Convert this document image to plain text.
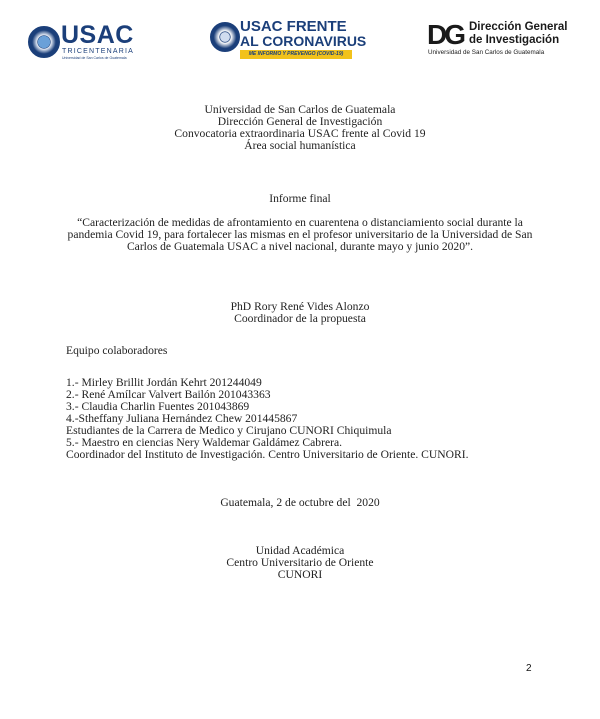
USAC
TRICENTENARIA
Universidad de San Carlos de Guatemala
USAC FRENTE
AL CORONAVIRUS
ME INFORMO Y PREVENGO (COVID-19)
DG Dirección General
de Investigación
Universidad de San Carlos de Guatemala

Universidad de San Carlos de Guatemala

Dirección General de Investigación

Convocatoria extraordinaria USAC frente al Covid 19

Área social humanística

Informe final

“Caracterización de medidas de afrontamiento en cuarentena o distanciamiento social durante la pandemia Covid 19, para fortalecer las mismas en el profesor universitario de la Universidad de San Carlos de Guatemala USAC a nivel nacional, durante mayo y junio 2020”.

PhD Rory René Vides Alonzo

Coordinador de la propuesta

Equipo colaboradores

1.- Mirley Brillit Jordán Kehrt 201244049

2.- René Amílcar Valvert Bailón 201043363

3.- Claudia Charlin Fuentes 201043869

4.-Stheffany Juliana Hernández Chew 201445867

Estudiantes de la Carrera de Medico y Cirujano CUNORI Chiquimula

5.- Maestro en ciencias Nery Waldemar Galdámez Cabrera.

Coordinador del Instituto de Investigación. Centro Universitario de Oriente. CUNORI.

Guatemala, 2 de octubre del  2020

Unidad Académica

Centro Universitario de Oriente

CUNORI

2
